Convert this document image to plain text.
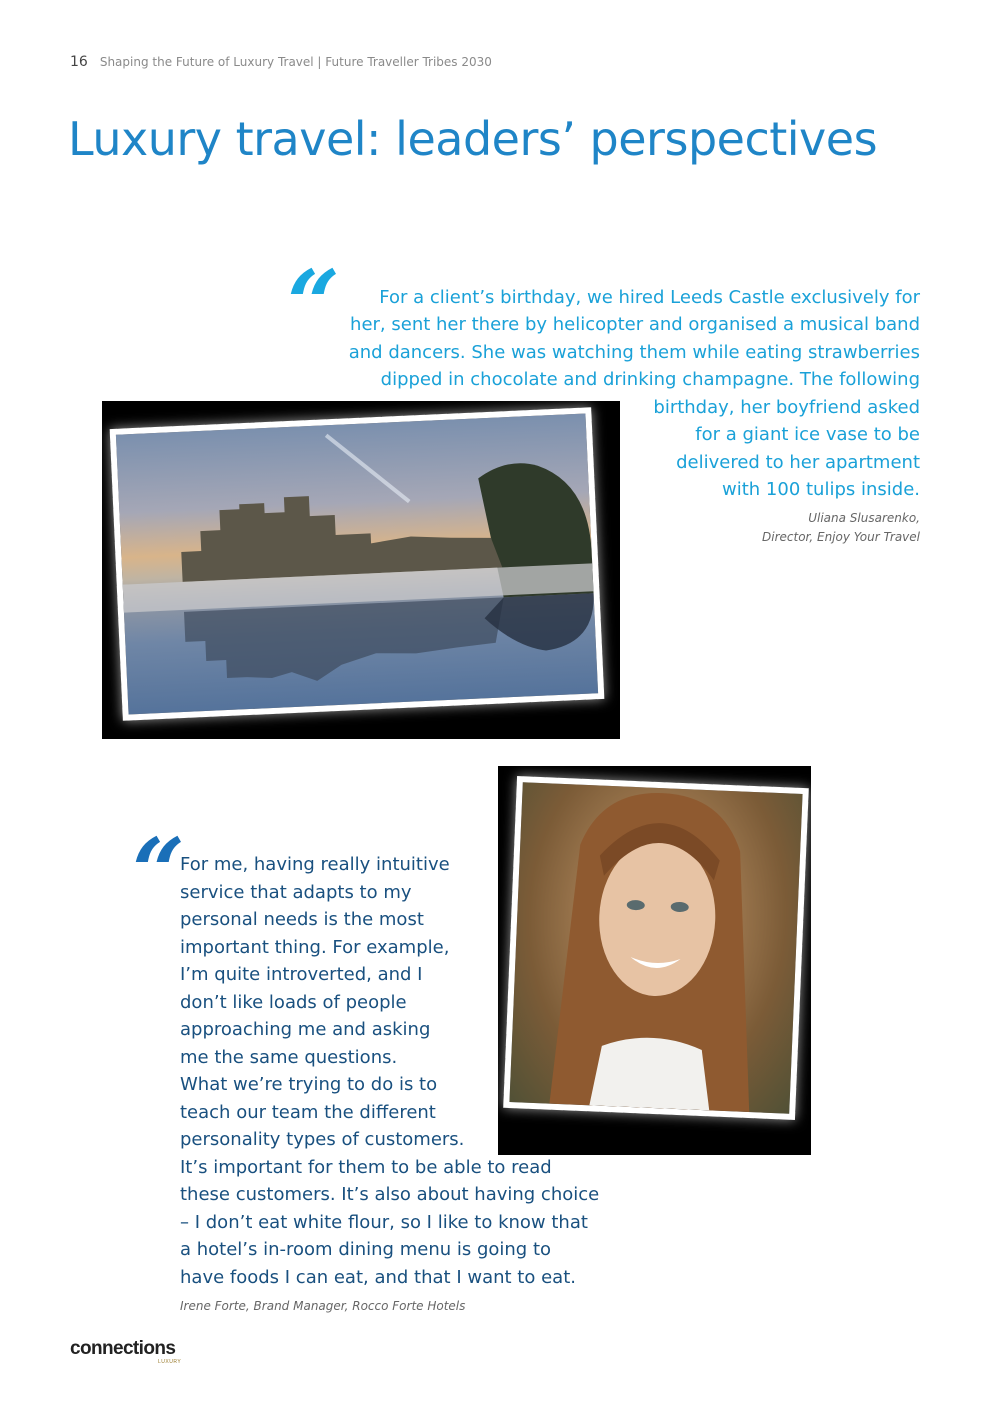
16 Shaping the Future of Luxury Travel | Future Traveller Tribes 2030
Luxury travel: leaders’ perspectives
“ For a client’s birthday, we hired Leeds Castle exclusively for
her, sent her there by helicopter and organised a musical band
and dancers. She was watching them while eating strawberries
dipped in chocolate and drinking champagne. The following
birthday, her boyfriend asked
for a giant ice vase to be
delivered to her apartment
with 100 tulips inside.
Uliana Slusarenko,
Director, Enjoy Your Travel
“
For me, having really intuitive
service that adapts to my
personal needs is the most
important thing. For example,
I’m quite introverted, and I
don’t like loads of people
approaching me and asking
me the same questions.
What we’re trying to do is to
teach our team the different
personality types of customers.
It’s important for them to be able to read
these customers. It’s also about having choice
– I don’t eat white flour, so I like to know that
a hotel’s in-room dining menu is going to
have foods I can eat, and that I want to eat.
Irene Forte, Brand Manager, Rocco Forte Hotels
connections
LUXURY
